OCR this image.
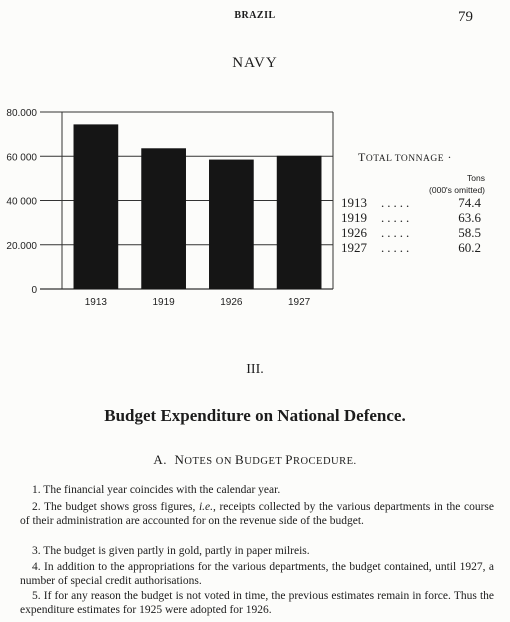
BRAZIL	79
NAVY
0
20.000
40 000
60 000
80.000
1913	1919	1926	1927
TOTAL TONNAGE ·
Tons
(000's omitted)
1913 .....	74.4
1919 .....	63.6
1926 .....	58.5
1927 .....	60.2
III.
Budget Expenditure on National Defence.
A. NOTES ON BUDGET PROCEDURE.
1. The financial year coincides with the calendar year.
2. The budget shows gross figures, i.e., receipts collected by the various departments in the course of their administration are accounted for on the revenue side of the budget.
3. The budget is given partly in gold, partly in paper milreis.
4. In addition to the appropriations for the various departments, the budget contained, until 1927, a number of special credit authorisations.
5. If for any reason the budget is not voted in time, the previous estimates remain in force. Thus the expenditure estimates for 1925 were adopted for 1926.
